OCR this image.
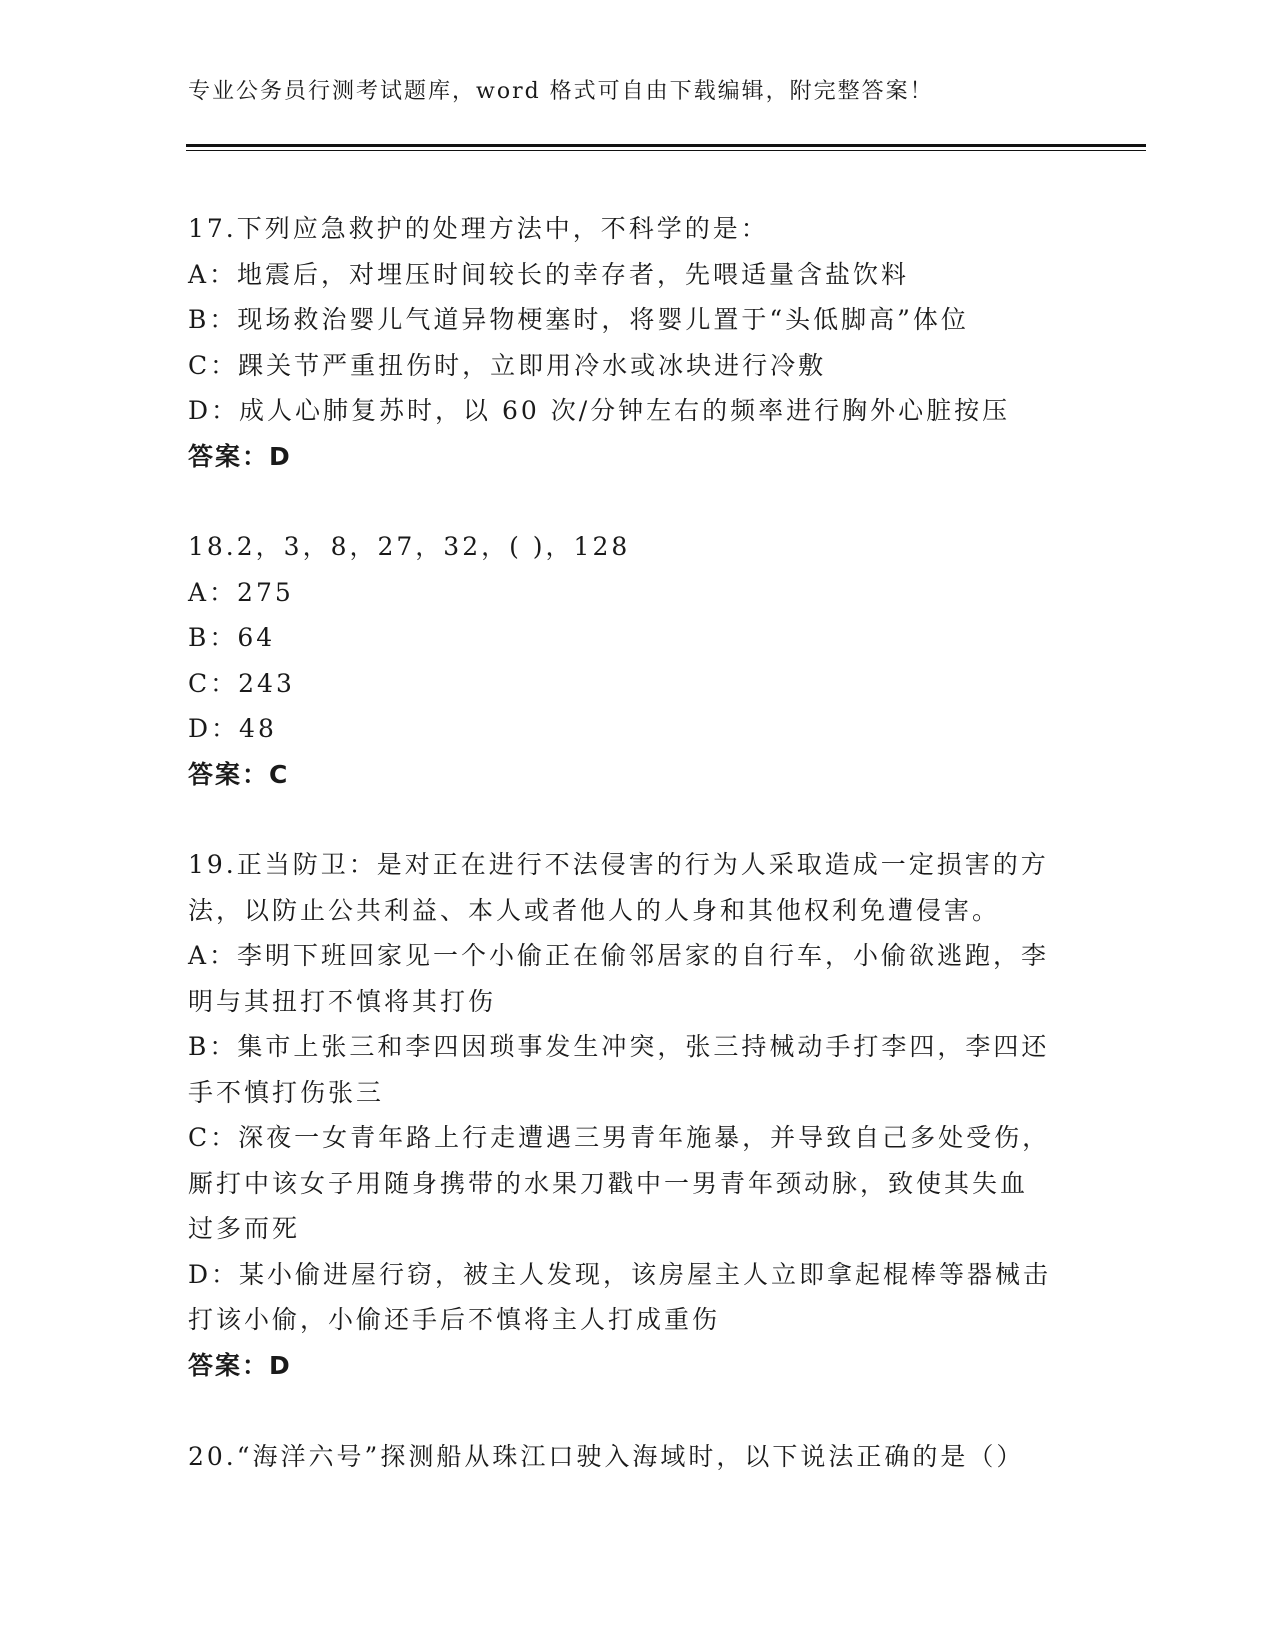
专业公务员行测考试题库，word 格式可自由下载编辑，附完整答案！
17.下列应急救护的处理方法中，不科学的是：
A：地震后，对埋压时间较长的幸存者，先喂适量含盐饮料
B：现场救治婴儿气道异物梗塞时，将婴儿置于“头低脚高”体位
C：踝关节严重扭伤时，立即用冷水或冰块进行冷敷
D：成人心肺复苏时，以 60 次/分钟左右的频率进行胸外心脏按压
答案：D
18.2，3，8，27，32，( )，128
A：275
B：64
C：243
D：48
答案：C
19.正当防卫：是对正在进行不法侵害的行为人采取造成一定损害的方
法，以防止公共利益、本人或者他人的人身和其他权利免遭侵害。
A：李明下班回家见一个小偷正在偷邻居家的自行车，小偷欲逃跑，李
明与其扭打不慎将其打伤
B：集市上张三和李四因琐事发生冲突，张三持械动手打李四，李四还
手不慎打伤张三
C：深夜一女青年路上行走遭遇三男青年施暴，并导致自己多处受伤，
厮打中该女子用随身携带的水果刀戳中一男青年颈动脉，致使其失血
过多而死
D：某小偷进屋行窃，被主人发现，该房屋主人立即拿起棍棒等器械击
打该小偷，小偷还手后不慎将主人打成重伤
答案：D
20.“海洋六号”探测船从珠江口驶入海域时，以下说法正确的是（）
